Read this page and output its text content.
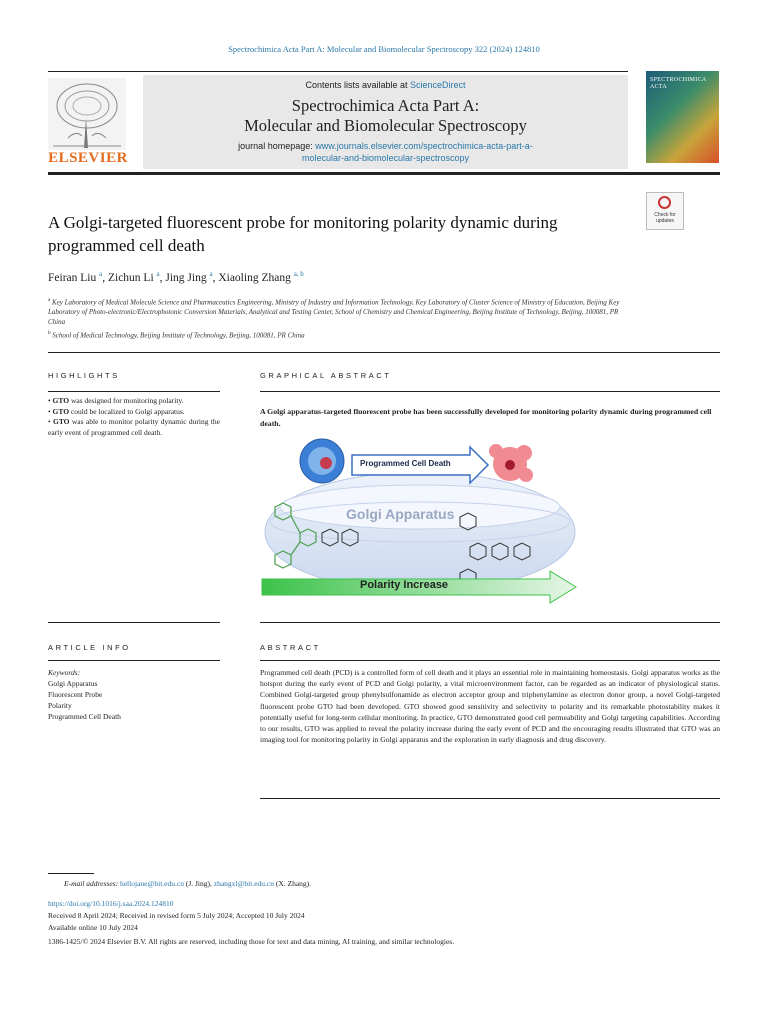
Spectrochimica Acta Part A: Molecular and Biomolecular Spectroscopy 322 (2024) 124810
ELSEVIER
Contents lists available at ScienceDirect
Spectrochimica Acta Part A:
Molecular and Biomolecular Spectroscopy
journal homepage: www.journals.elsevier.com/spectrochimica-acta-part-a-
molecular-and-biomolecular-spectroscopy
SPECTROCHIMICA ACTA
A Golgi-targeted fluorescent probe for monitoring polarity dynamic during programmed cell death
Check for updates
Feiran Liu $^a$, Zichun Li $^a$, Jing Jing $^a$, Xiaoling Zhang $^{a, b}$
$^a$ Key Laboratory of Medical Molecule Science and Pharmaceutics Engineering, Ministry of Industry and Information Technology, Key Laboratory of Cluster Science of Ministry of Education, Beijing Key Laboratory of Photo-electronic/Electrophotonic Conversion Materials, Analytical and Testing Center, School of Chemistry and Chemical Engineering, Beijing Institute of Technology, Beijing, 100081, PR China
$^b$ School of Medical Technology, Beijing Institute of Technology, Beijing, 100081, PR China
HIGHLIGHTS
• GTO was designed for monitoring polarity.
• GTO could be localized to Golgi apparatus.
• GTO was able to monitor polarity dynamic during the early event of programmed cell death.
GRAPHICAL ABSTRACT
A Golgi apparatus-targeted fluorescent probe has been successfully developed for monitoring polarity dynamic during programmed cell death.
Programmed Cell Death
Golgi Apparatus
Polarity Increase
ARTICLE INFO
Keywords:
Golgi Apparatus
Fluorescent Probe
Polarity
Programmed Cell Death
ABSTRACT
Programmed cell death (PCD) is a controlled form of cell death and it plays an essential role in maintaining homeostasis. Golgi apparatus works as the hotspot during the early event of PCD and Golgi polarity, a vital microenvironment factor, can be regarded as an indicator of physiological status. Combined Golgi-targeted group phenylsulfonamide as electron acceptor group and triphenylamine as electron donor group, a novel Golgi-targeted fluorescent probe GTO had been developed. GTO showed good sensitivity and selectivity to polarity and its remarkable photostability makes it potentially useful for long-term cellular monitoring. In practice, GTO demonstrated good cell permeability and Golgi targeting capabilities. According to our results, GTO was applied to reveal the polarity increase during the early event of PCD and the encouraging results illustrated that GTO was an imaging tool for monitoring polarity in Golgi apparatus and the exploration in early diagnosis and drug discovery.
E-mail addresses: hellojane@bit.edu.cn (J. Jing), zhangxl@bit.edu.cn (X. Zhang).
https://doi.org/10.1016/j.saa.2024.124810
Received 8 April 2024; Received in revised form 5 July 2024; Accepted 10 July 2024
Available online 10 July 2024
1386-1425/© 2024 Elsevier B.V. All rights are reserved, including those for text and data mining, AI training, and similar technologies.
